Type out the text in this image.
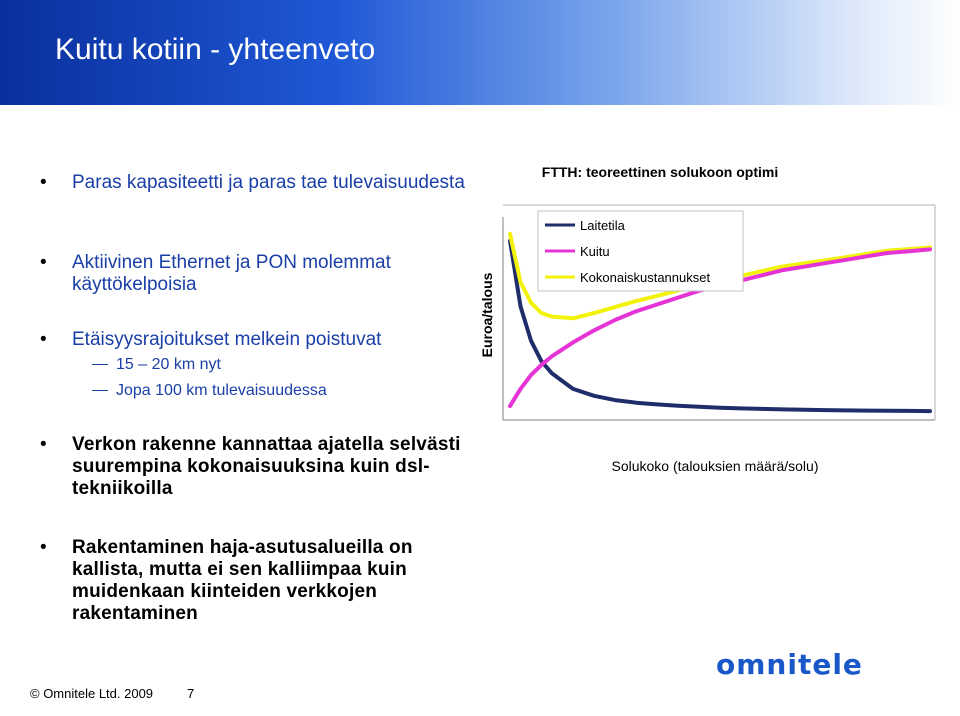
Kuitu kotiin - yhteenveto
• Paras kapasiteetti ja paras tae tulevaisuudesta
• Aktiivinen Ethernet ja PON molemmat käyttökelpoisia
• Etäisyysrajoitukset melkein poistuvat
15 – 20 km nyt
Jopa 100 km tulevaisuudessa
• Verkon rakenne kannattaa ajatella selvästi suurempina kokonaisuuksina kuin dsl-tekniikoilla
• Rakentaminen haja-asutusalueilla on kallista, mutta ei sen kalliimpaa kuin muidenkaan kiinteiden verkkojen rakentaminen
FTTH: teoreettinen solukoon optimi
Euroa/talous
Solukoko (talouksien määrä/solu)
Laitetila
Kuitu
Kokonaiskustannukset
omnitele
© Omnitele Ltd. 2009	7
